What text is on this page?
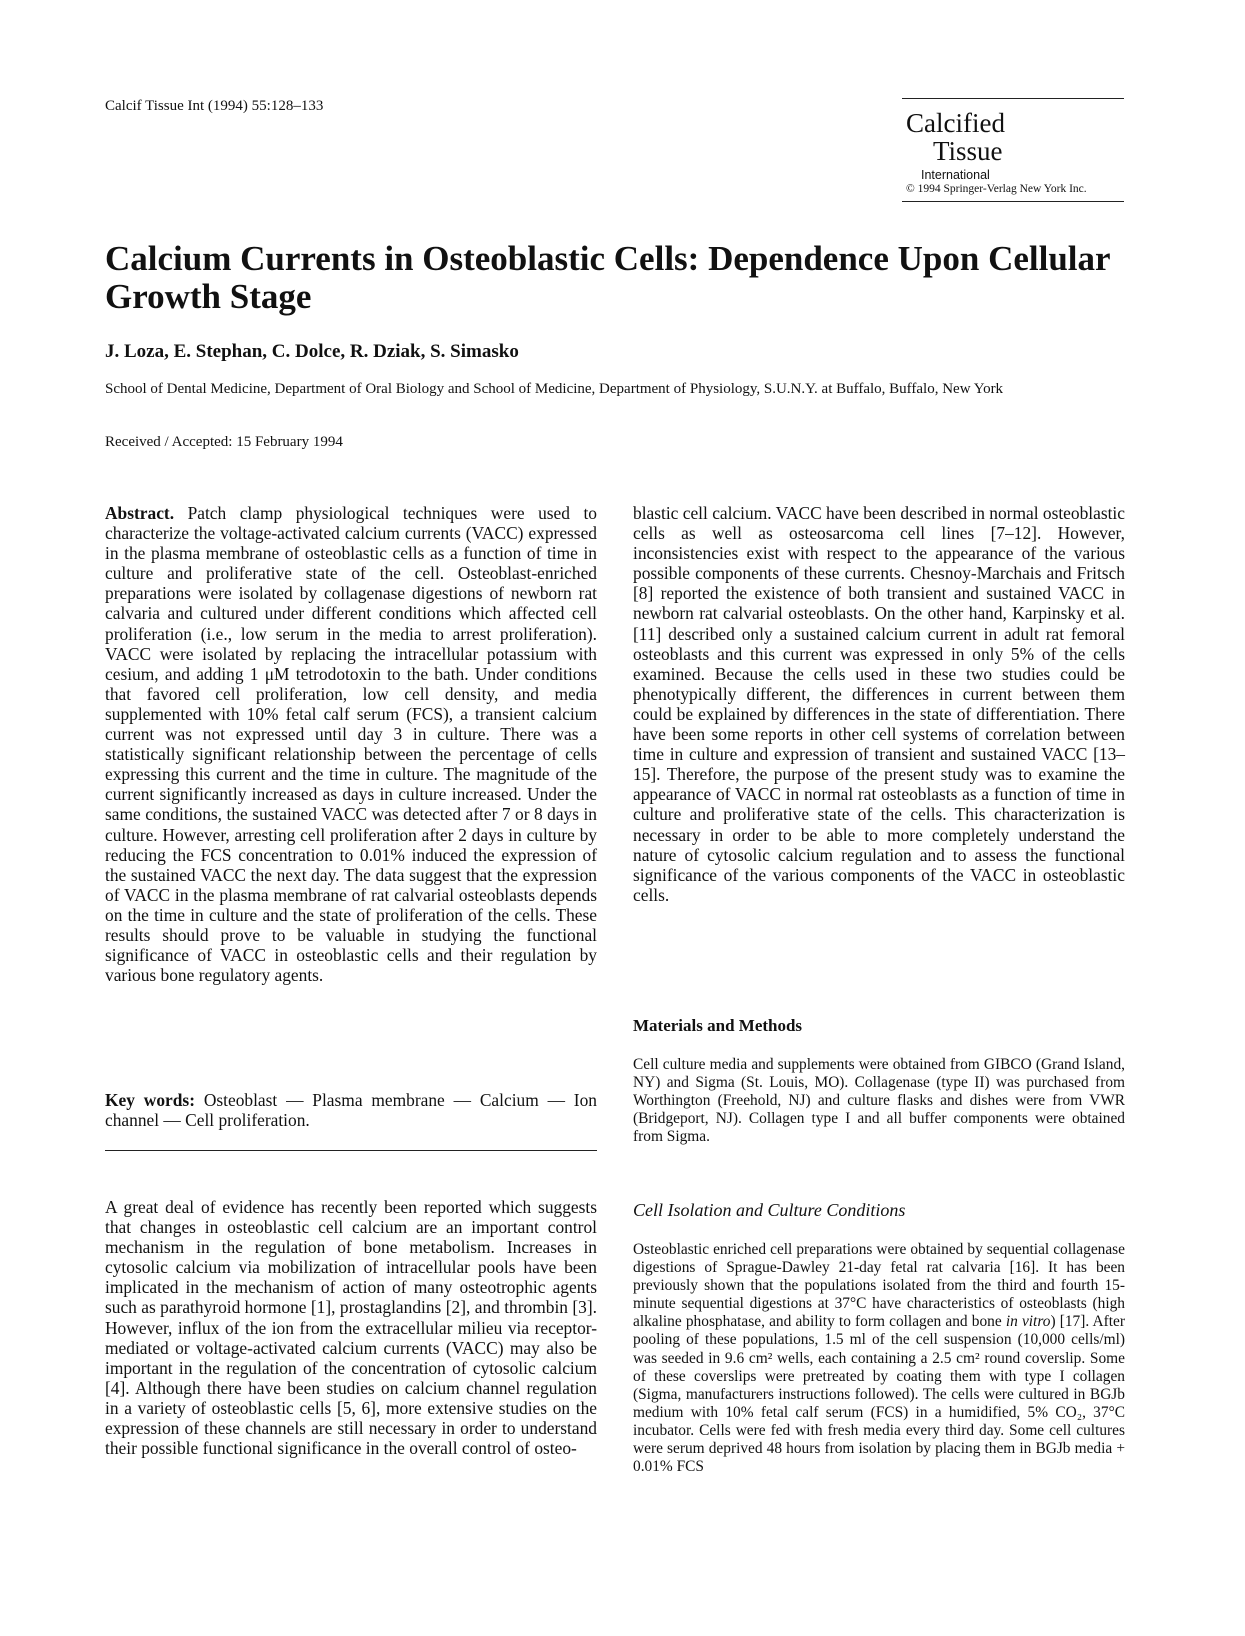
Calcif Tissue Int (1994) 55:128–133
Calcified
Tissue
International
© 1994 Springer-Verlag New York Inc.
Calcium Currents in Osteoblastic Cells: Dependence Upon Cellular Growth Stage
J. Loza, E. Stephan, C. Dolce, R. Dziak, S. Simasko
School of Dental Medicine, Department of Oral Biology and School of Medicine, Department of Physiology, S.U.N.Y. at Buffalo, Buffalo, New York
Received / Accepted: 15 February 1994

Abstract. Patch clamp physiological techniques were used to characterize the voltage-activated calcium currents (VACC) expressed in the plasma membrane of osteoblastic cells as a function of time in culture and proliferative state of the cell. Osteoblast-enriched preparations were isolated by collagenase digestions of newborn rat calvaria and cultured under different conditions which affected cell proliferation (i.e., low serum in the media to arrest proliferation). VACC were isolated by replacing the intracellular potassium with cesium, and adding 1 μM tetrodotoxin to the bath. Under conditions that favored cell proliferation, low cell density, and media supplemented with 10% fetal calf serum (FCS), a transient calcium current was not expressed until day 3 in culture. There was a statistically significant relationship between the percentage of cells expressing this current and the time in culture. The magnitude of the current significantly increased as days in culture increased. Under the same conditions, the sustained VACC was detected after 7 or 8 days in culture. However, arresting cell proliferation after 2 days in culture by reducing the FCS concentration to 0.01% induced the expression of the sustained VACC the next day. The data suggest that the expression of VACC in the plasma membrane of rat calvarial osteoblasts depends on the time in culture and the state of proliferation of the cells. These results should prove to be valuable in studying the functional significance of VACC in osteoblastic cells and their regulation by various bone regulatory agents.

Key words: Osteoblast — Plasma membrane — Calcium — Ion channel — Cell proliferation.

A great deal of evidence has recently been reported which suggests that changes in osteoblastic cell calcium are an important control mechanism in the regulation of bone metabolism. Increases in cytosolic calcium via mobilization of intracellular pools have been implicated in the mechanism of action of many osteotrophic agents such as parathyroid hormone [1], prostaglandins [2], and thrombin [3]. However, influx of the ion from the extracellular milieu via receptor-mediated or voltage-activated calcium currents (VACC) may also be important in the regulation of the concentration of cytosolic calcium [4]. Although there have been studies on calcium channel regulation in a variety of osteoblastic cells [5, 6], more extensive studies on the expression of these channels are still necessary in order to understand their possible functional significance in the overall control of osteo-

blastic cell calcium. VACC have been described in normal osteoblastic cells as well as osteosarcoma cell lines [7–12]. However, inconsistencies exist with respect to the appearance of the various possible components of these currents. Chesnoy-Marchais and Fritsch [8] reported the existence of both transient and sustained VACC in newborn rat calvarial osteoblasts. On the other hand, Karpinsky et al. [11] described only a sustained calcium current in adult rat femoral osteoblasts and this current was expressed in only 5% of the cells examined. Because the cells used in these two studies could be phenotypically different, the differences in current between them could be explained by differences in the state of differentiation. There have been some reports in other cell systems of correlation between time in culture and expression of transient and sustained VACC [13–15]. Therefore, the purpose of the present study was to examine the appearance of VACC in normal rat osteoblasts as a function of time in culture and proliferative state of the cells. This characterization is necessary in order to be able to more completely understand the nature of cytosolic calcium regulation and to assess the functional significance of the various components of the VACC in osteoblastic cells.

Materials and Methods

Cell culture media and supplements were obtained from GIBCO (Grand Island, NY) and Sigma (St. Louis, MO). Collagenase (type II) was purchased from Worthington (Freehold, NJ) and culture flasks and dishes were from VWR (Bridgeport, NJ). Collagen type I and all buffer components were obtained from Sigma.

Cell Isolation and Culture Conditions

Osteoblastic enriched cell preparations were obtained by sequential collagenase digestions of Sprague-Dawley 21-day fetal rat calvaria [16]. It has been previously shown that the populations isolated from the third and fourth 15-minute sequential digestions at 37°C have characteristics of osteoblasts (high alkaline phosphatase, and ability to form collagen and bone in vitro) [17]. After pooling of these populations, 1.5 ml of the cell suspension (10,000 cells/ml) was seeded in 9.6 cm² wells, each containing a 2.5 cm² round coverslip. Some of these coverslips were pretreated by coating them with type I collagen (Sigma, manufacturers instructions followed). The cells were cultured in BGJb medium with 10% fetal calf serum (FCS) in a humidified, 5% CO₂, 37°C incubator. Cells were fed with fresh media every third day. Some cell cultures were serum deprived 48 hours from isolation by placing them in BGJb media + 0.01% FCS
